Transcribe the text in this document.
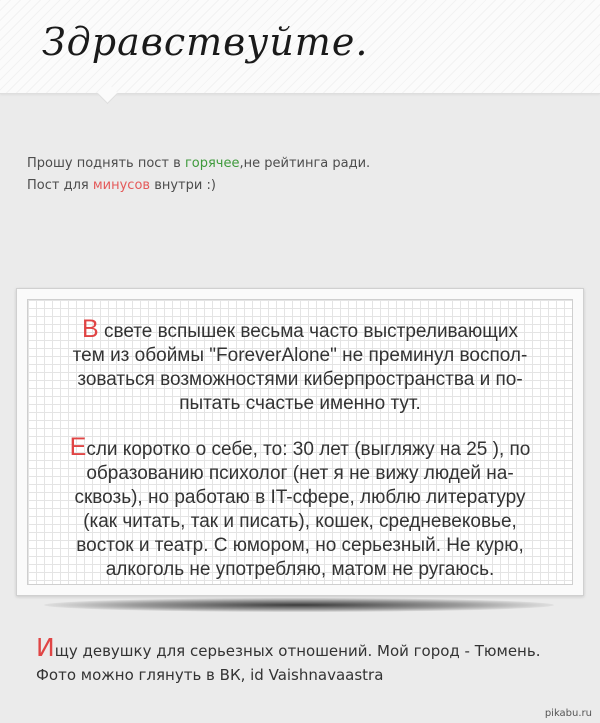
Здравствуйте.
Прошу поднять пост в горячее,не рейтинга ради.
Пост для минусов внутри :)
В свете вспышек весьма часто выстреливающих
тем из обоймы "ForeverAlone" не преминул воспол-
зоваться возможностями киберпространства и по-
пытать счастье именно тут.
Если коротко о себе, то: 30 лет (выгляжу на 25 ), по
образованию психолог (нет я не вижу людей на-
сквозь), но работаю в IT-сфере, люблю литературу
(как читать, так и писать), кошек, средневековье,
восток и театр. С юмором, но серьезный. Не курю,
алкоголь не употребляю, матом не ругаюсь.
Ищу девушку для серьезных отношений. Мой город - Тюмень.
Фото можно глянуть в ВК, id Vaishnavaastra
pikabu.ru
